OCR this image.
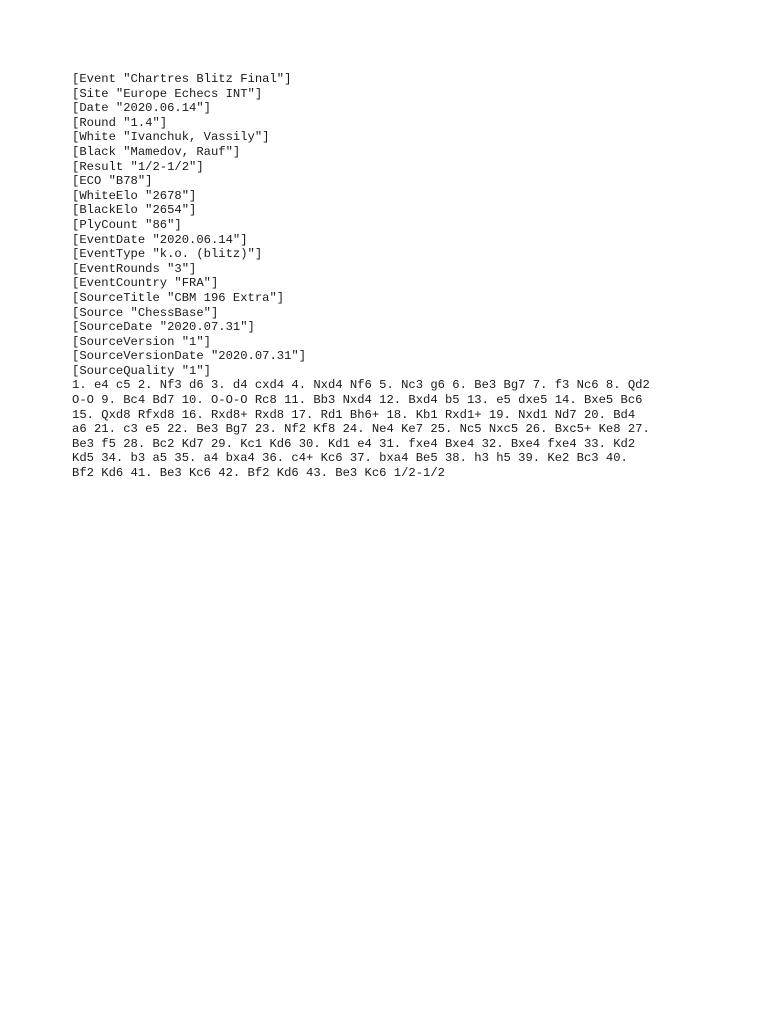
[Event "Chartres Blitz Final"]
[Site "Europe Echecs INT"]
[Date "2020.06.14"]
[Round "1.4"]
[White "Ivanchuk, Vassily"]
[Black "Mamedov, Rauf"]
[Result "1/2-1/2"]
[ECO "B78"]
[WhiteElo "2678"]
[BlackElo "2654"]
[PlyCount "86"]
[EventDate "2020.06.14"]
[EventType "k.o. (blitz)"]
[EventRounds "3"]
[EventCountry "FRA"]
[SourceTitle "CBM 196 Extra"]
[Source "ChessBase"]
[SourceDate "2020.07.31"]
[SourceVersion "1"]
[SourceVersionDate "2020.07.31"]
[SourceQuality "1"]
1. e4 c5 2. Nf3 d6 3. d4 cxd4 4. Nxd4 Nf6 5. Nc3 g6 6. Be3 Bg7 7. f3 Nc6 8. Qd2
O-O 9. Bc4 Bd7 10. O-O-O Rc8 11. Bb3 Nxd4 12. Bxd4 b5 13. e5 dxe5 14. Bxe5 Bc6
15. Qxd8 Rfxd8 16. Rxd8+ Rxd8 17. Rd1 Bh6+ 18. Kb1 Rxd1+ 19. Nxd1 Nd7 20. Bd4
a6 21. c3 e5 22. Be3 Bg7 23. Nf2 Kf8 24. Ne4 Ke7 25. Nc5 Nxc5 26. Bxc5+ Ke8 27.
Be3 f5 28. Bc2 Kd7 29. Kc1 Kd6 30. Kd1 e4 31. fxe4 Bxe4 32. Bxe4 fxe4 33. Kd2
Kd5 34. b3 a5 35. a4 bxa4 36. c4+ Kc6 37. bxa4 Be5 38. h3 h5 39. Ke2 Bc3 40.
Bf2 Kd6 41. Be3 Kc6 42. Bf2 Kd6 43. Be3 Kc6 1/2-1/2
